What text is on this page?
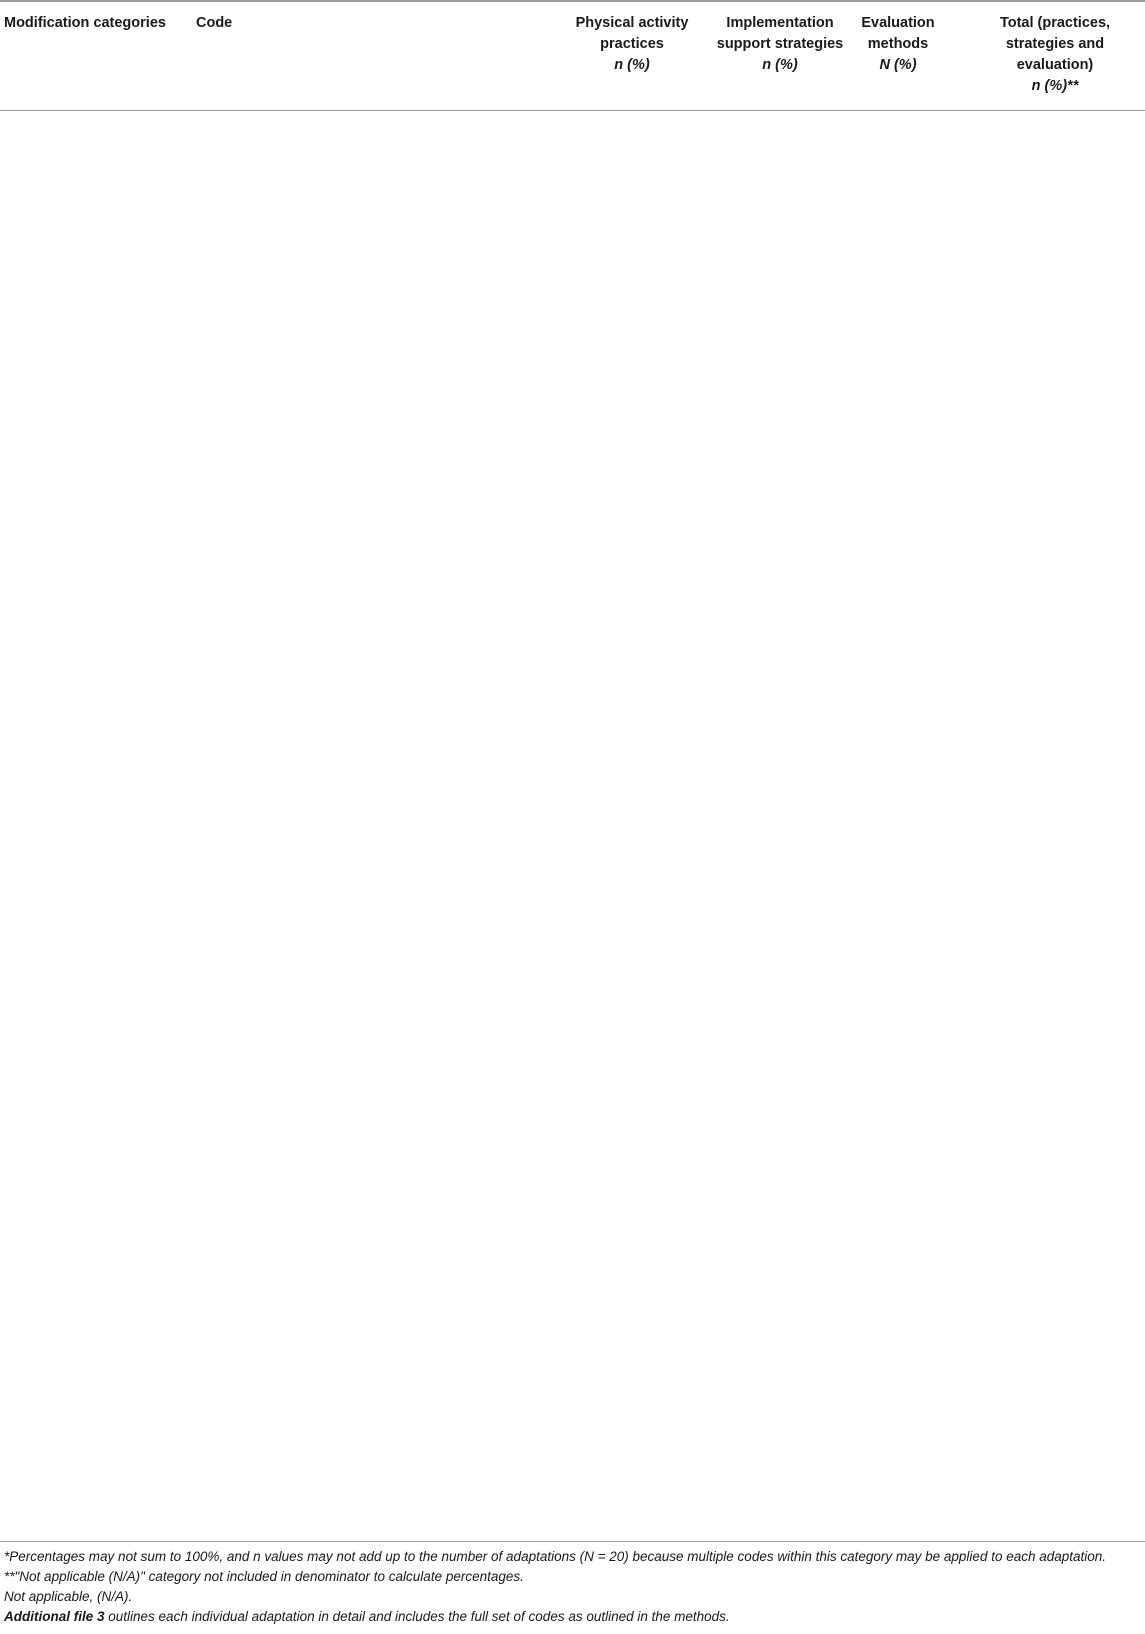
Modification categories Code	Physical activity
practices
n (%)
Implementation
support strategies
n (%)
Evaluation
methods
N (%)
Total (practices,
strategies and
evaluation)
n (%)**
*Percentages may not sum to 100%, and n values may not add up to the number of adaptations (N = 20) because multiple codes within this category may be applied to each adaptation.
**"Not applicable (N/A)" category not included in denominator to calculate percentages.
Not applicable, (N/A).
Additional file 3 outlines each individual adaptation in detail and includes the full set of codes as outlined in the methods.
